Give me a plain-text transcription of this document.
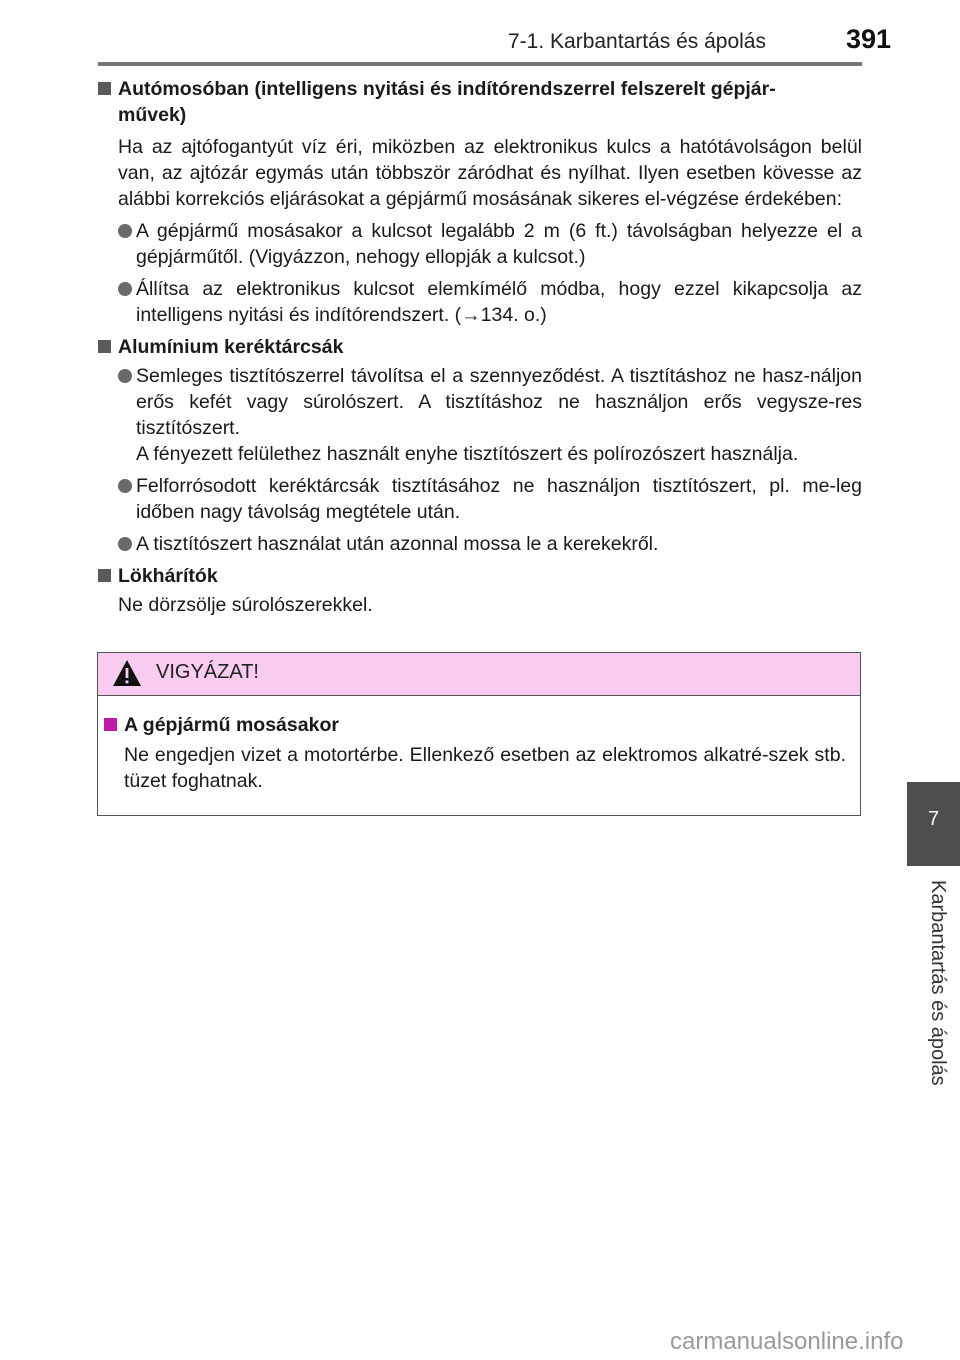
7-1. Karbantartás és ápolás	391
Autómosóban (intelligens nyitási és indítórendszerrel felszerelt gépjár-
művek)
Ha az ajtófogantyút víz éri, miközben az elektronikus kulcs a hatótávolságon belül van, az ajtózár egymás után többször záródhat és nyílhat. Ilyen esetben kövesse az alábbi korrekciós eljárásokat a gépjármű mosásának sikeres el-végzése érdekében:
A gépjármű mosásakor a kulcsot legalább 2 m (6 ft.) távolságban helyezze el a gépjárműtől. (Vigyázzon, nehogy ellopják a kulcsot.)
Állítsa az elektronikus kulcsot elemkímélő módba, hogy ezzel kikapcsolja az intelligens nyitási és indítórendszert. (→134. o.)
Alumínium keréktárcsák
Semleges tisztítószerrel távolítsa el a szennyeződést. A tisztításhoz ne hasz-náljon erős kefét vagy súrolószert. A tisztításhoz ne használjon erős vegysze-res tisztítószert.
A fényezett felülethez használt enyhe tisztítószert és polírozószert használja.
Felforrósodott keréktárcsák tisztításához ne használjon tisztítószert, pl. me-leg időben nagy távolság megtétele után.
A tisztítószert használat után azonnal mossa le a kerekekről.
Lökhárítók
Ne dörzsölje súrolószerekkel.
VIGYÁZAT!
A gépjármű mosásakor
Ne engedjen vizet a motortérbe. Ellenkező esetben az elektromos alkatré-szek stb. tüzet foghatnak.
7
Karbantartás és ápolás
carmanualsonline.info
